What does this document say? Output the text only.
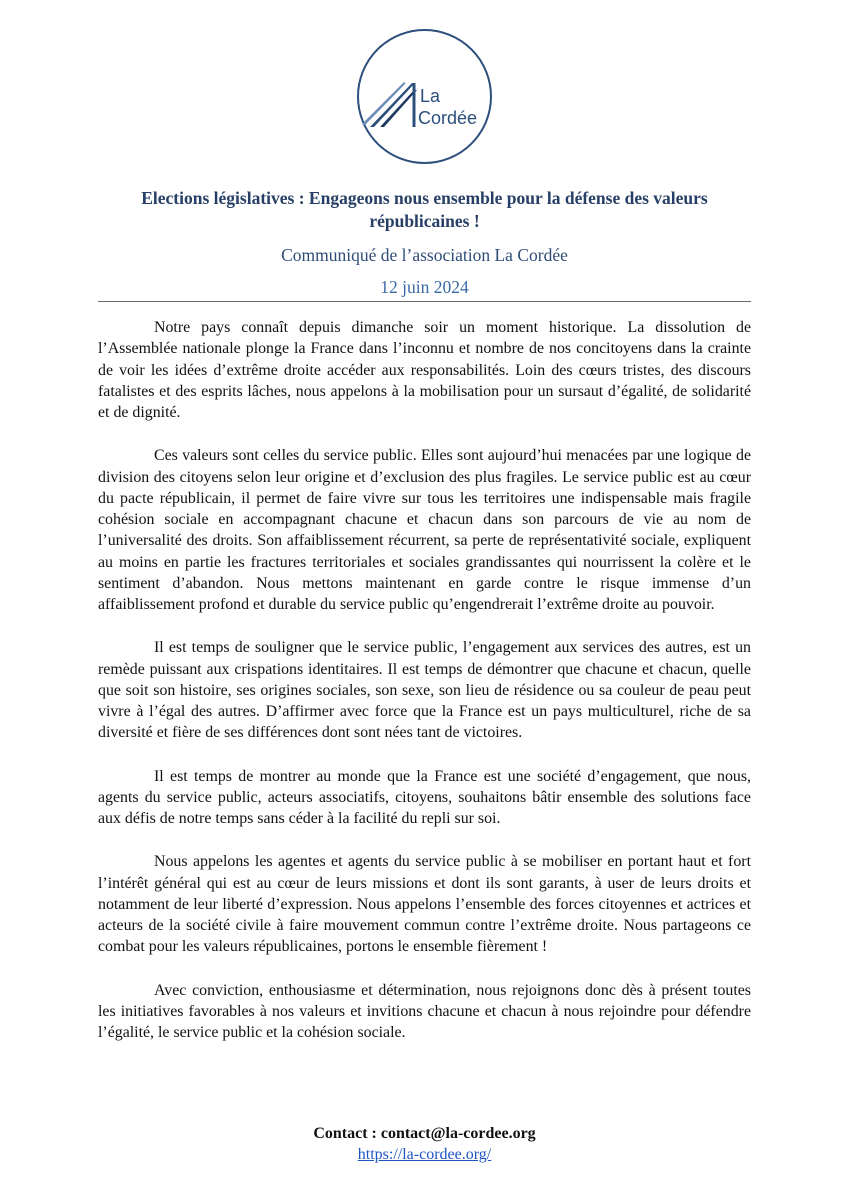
La
Cordée
Elections législatives : Engageons nous ensemble pour la défense des valeurs
républicaines !
Communiqué de l’association La Cordée
12 juin 2024

Notre pays connaît depuis dimanche soir un moment historique. La dissolution de l’Assemblée nationale plonge la France dans l’inconnu et nombre de nos concitoyens dans la crainte de voir les idées d’extrême droite accéder aux responsabilités. Loin des cœurs tristes, des discours fatalistes et des esprits lâches, nous appelons à la mobilisation pour un sursaut d’égalité, de solidarité et de dignité.

Ces valeurs sont celles du service public. Elles sont aujourd’hui menacées par une logique de division des citoyens selon leur origine et d’exclusion des plus fragiles. Le service public est au cœur du pacte républicain, il permet de faire vivre sur tous les territoires une indispensable mais fragile cohésion sociale en accompagnant chacune et chacun dans son parcours de vie au nom de l’universalité des droits. Son affaiblissement récurrent, sa perte de représentativité sociale, expliquent au moins en partie les fractures territoriales et sociales grandissantes qui nourrissent la colère et le sentiment d’abandon. Nous mettons maintenant en garde contre le risque immense d’un affaiblissement profond et durable du service public qu’engendrerait l’extrême droite au pouvoir.

Il est temps de souligner que le service public, l’engagement aux services des autres, est un remède puissant aux crispations identitaires. Il est temps de démontrer que chacune et chacun, quelle que soit son histoire, ses origines sociales, son sexe, son lieu de résidence ou sa couleur de peau peut vivre à l’égal des autres. D’affirmer avec force que la France est un pays multiculturel, riche de sa diversité et fière de ses différences dont sont nées tant de victoires.

Il est temps de montrer au monde que la France est une société d’engagement, que nous, agents du service public, acteurs associatifs, citoyens, souhaitons bâtir ensemble des solutions face aux défis de notre temps sans céder à la facilité du repli sur soi.

Nous appelons les agentes et agents du service public à se mobiliser en portant haut et fort l’intérêt général qui est au cœur de leurs missions et dont ils sont garants, à user de leurs droits et notamment de leur liberté d’expression. Nous appelons l’ensemble des forces citoyennes et actrices et acteurs de la société civile à faire mouvement commun contre l’extrême droite. Nous partageons ce combat pour les valeurs républicaines, portons le ensemble fièrement !

Avec conviction, enthousiasme et détermination, nous rejoignons donc dès à présent toutes les initiatives favorables à nos valeurs et invitions chacune et chacun à nous rejoindre pour défendre l’égalité, le service public et la cohésion sociale.

Contact : contact@la-cordee.org
https://la-cordee.org/
